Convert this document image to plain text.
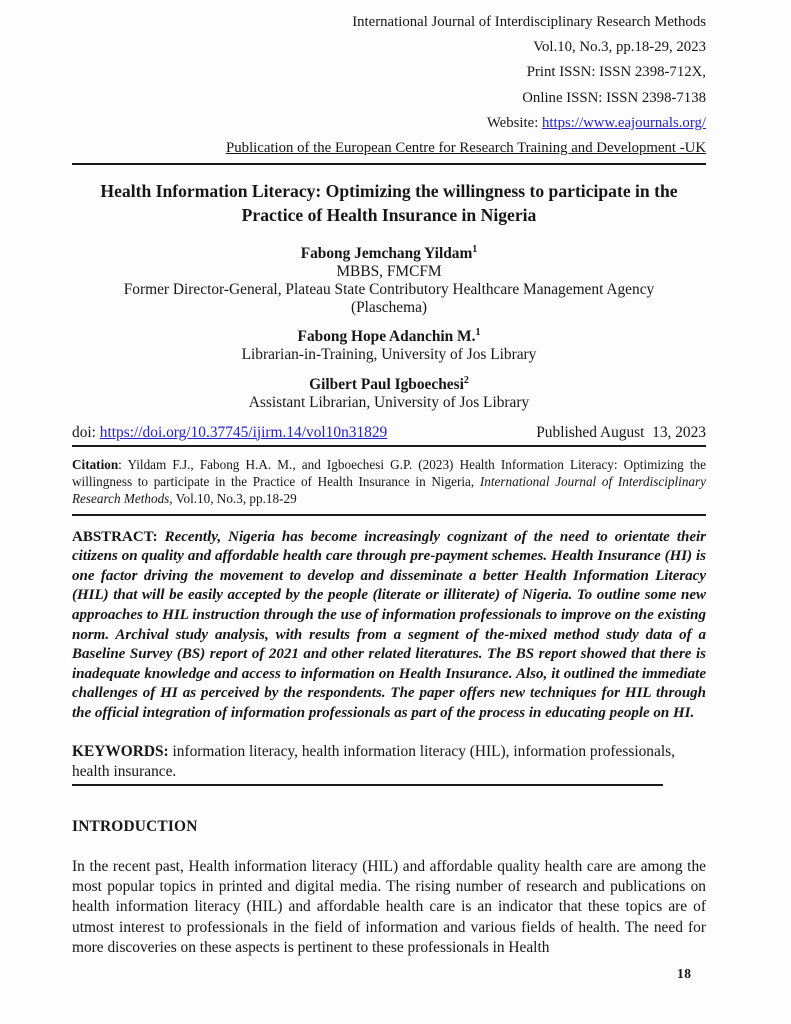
International Journal of Interdisciplinary Research Methods
Vol.10, No.3, pp.18-29, 2023
Print ISSN: ISSN 2398-712X,
Online ISSN: ISSN 2398-7138
Website: https://www.eajournals.org/
Publication of the European Centre for Research Training and Development -UK
Health Information Literacy: Optimizing the willingness to participate in the Practice of Health Insurance in Nigeria
Fabong Jemchang Yildam$^1$
MBBS, FMCFM
Former Director-General, Plateau State Contributory Healthcare Management Agency
(Plaschema)
Fabong Hope Adanchin M.$^1$
Librarian-in-Training, University of Jos Library
Gilbert Paul Igboechesi$^2$
Assistant Librarian, University of Jos Library
doi: https://doi.org/10.37745/ijirm.14/vol10n31829	Published August  13, 2023

Citation: Yildam F.J., Fabong H.A. M., and Igboechesi G.P. (2023) Health Information Literacy: Optimizing the willingness to participate in the Practice of Health Insurance in Nigeria, International Journal of Interdisciplinary Research Methods, Vol.10, No.3, pp.18-29

ABSTRACT: Recently, Nigeria has become increasingly cognizant of the need to orientate their citizens on quality and affordable health care through pre-payment schemes. Health Insurance (HI) is one factor driving the movement to develop and disseminate a better Health Information Literacy (HIL) that will be easily accepted by the people (literate or illiterate) of Nigeria. To outline some new approaches to HIL instruction through the use of information professionals to improve on the existing norm. Archival study analysis, with results from a segment of the-mixed method study data of a Baseline Survey (BS) report of 2021 and other related literatures. The BS report showed that there is inadequate knowledge and access to information on Health Insurance. Also, it outlined the immediate challenges of HI as perceived by the respondents. The paper offers new techniques for HIL through the official integration of information professionals as part of the process in educating people on HI.

KEYWORDS: information literacy, health information literacy (HIL), information professionals, health insurance.

INTRODUCTION

In the recent past, Health information literacy (HIL) and affordable quality health care are among the most popular topics in printed and digital media. The rising number of research and publications on health information literacy (HIL) and affordable health care is an indicator that these topics are of utmost interest to professionals in the field of information and various fields of health. The need for more discoveries on these aspects is pertinent to these professionals in Health

18
